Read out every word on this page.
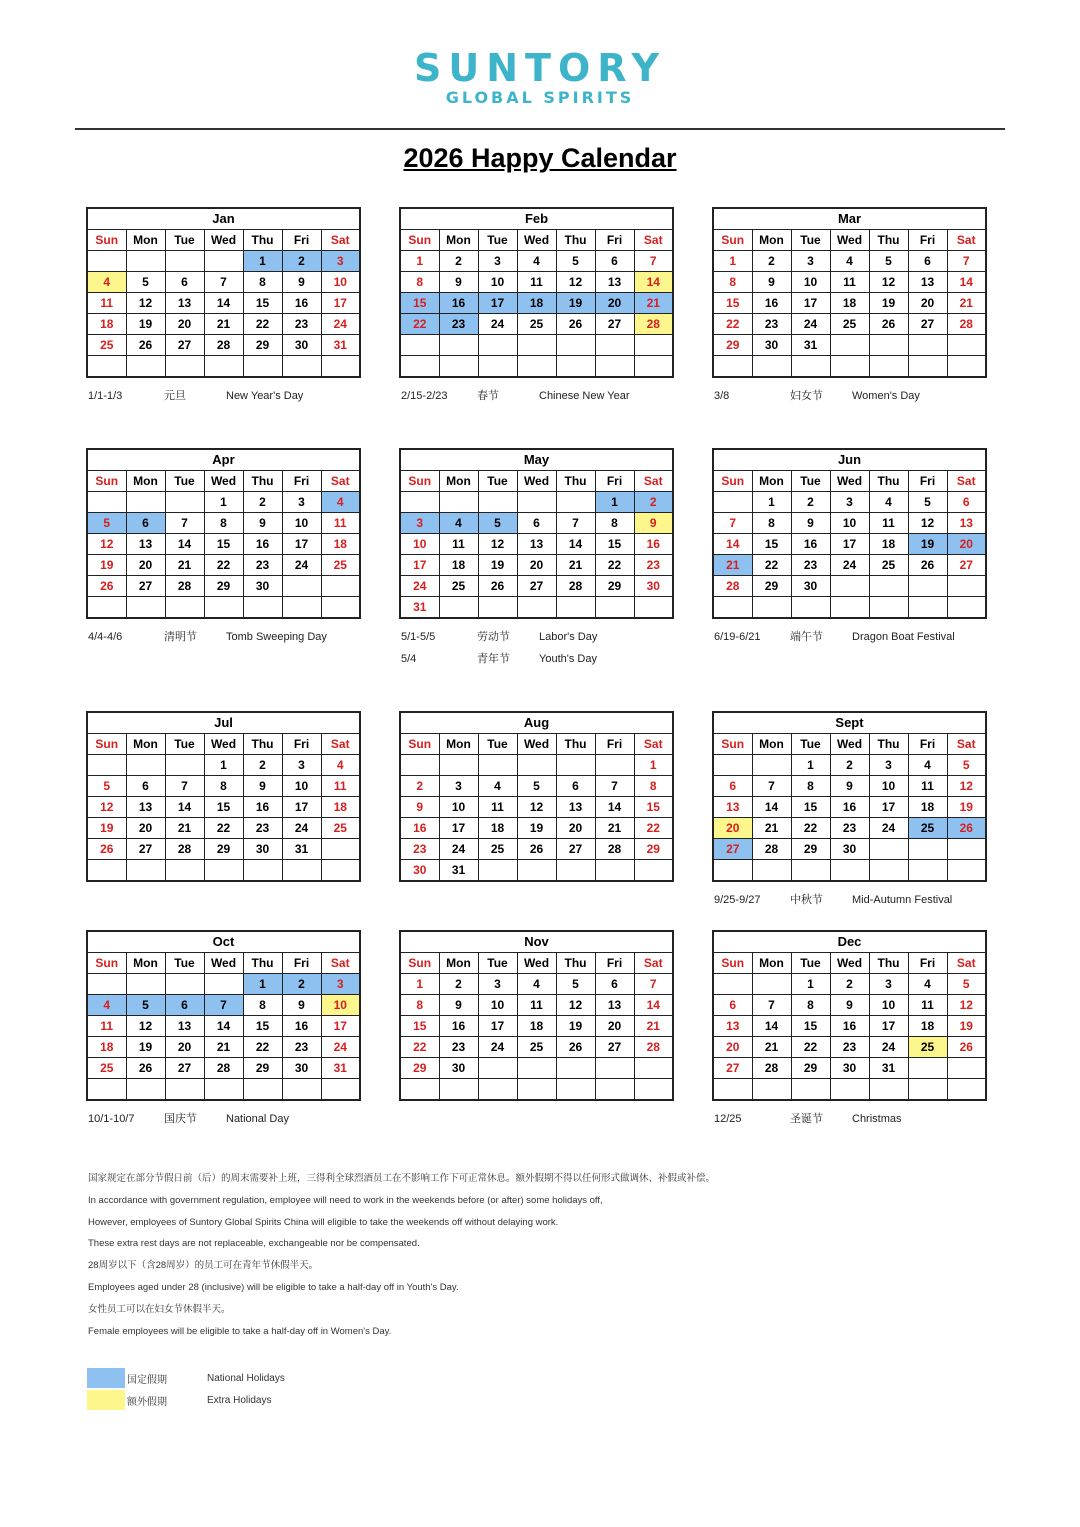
SUNTORY
GLOBAL SPIRITS
2026 Happy Calendar
Jan						
Sun	Mon	Tue	Wed	Thu	Fri	Sat
				1	2	3
4	5	6	7	8	9	10
11	12	13	14	15	16	17
18	19	20	21	22	23	24
25	26	27	28	29	30	31

1/1-1/3	元旦	New Year's Day
Feb						
Sun	Mon	Tue	Wed	Thu	Fri	Sat
1	2	3	4	5	6	7
8	9	10	11	12	13	14
15	16	17	18	19	20	21
22	23	24	25	26	27	28

2/15-2/23	春节	Chinese New Year
Mar						
Sun	Mon	Tue	Wed	Thu	Fri	Sat
1	2	3	4	5	6	7
8	9	10	11	12	13	14
15	16	17	18	19	20	21
22	23	24	25	26	27	28
29	30	31				

3/8	妇女节	Women's Day
Apr						
Sun	Mon	Tue	Wed	Thu	Fri	Sat
			1	2	3	4
5	6	7	8	9	10	11
12	13	14	15	16	17	18
19	20	21	22	23	24	25
26	27	28	29	30		

4/4-4/6	清明节	Tomb Sweeping Day
May						
Sun	Mon	Tue	Wed	Thu	Fri	Sat
					1	2
3	4	5	6	7	8	9
10	11	12	13	14	15	16
17	18	19	20	21	22	23
24	25	26	27	28	29	30
31						
5/1-5/5	劳动节	Labor's Day
5/4	青年节	Youth's Day
Jun						
Sun	Mon	Tue	Wed	Thu	Fri	Sat
	1	2	3	4	5	6
7	8	9	10	11	12	13
14	15	16	17	18	19	20
21	22	23	24	25	26	27
28	29	30				

6/19-6/21	端午节	Dragon Boat Festival
Jul						
Sun	Mon	Tue	Wed	Thu	Fri	Sat
			1	2	3	4
5	6	7	8	9	10	11
12	13	14	15	16	17	18
19	20	21	22	23	24	25
26	27	28	29	30	31	

Aug						
Sun	Mon	Tue	Wed	Thu	Fri	Sat
						1
2	3	4	5	6	7	8
9	10	11	12	13	14	15
16	17	18	19	20	21	22
23	24	25	26	27	28	29
30	31					
Sept						
Sun	Mon	Tue	Wed	Thu	Fri	Sat
		1	2	3	4	5
6	7	8	9	10	11	12
13	14	15	16	17	18	19
20	21	22	23	24	25	26
27	28	29	30			

9/25-9/27	中秋节	Mid-Autumn Festival
Oct						
Sun	Mon	Tue	Wed	Thu	Fri	Sat
				1	2	3
4	5	6	7	8	9	10
11	12	13	14	15	16	17
18	19	20	21	22	23	24
25	26	27	28	29	30	31

10/1-10/7	国庆节	National Day
Nov						
Sun	Mon	Tue	Wed	Thu	Fri	Sat
1	2	3	4	5	6	7
8	9	10	11	12	13	14
15	16	17	18	19	20	21
22	23	24	25	26	27	28
29	30					

Dec						
Sun	Mon	Tue	Wed	Thu	Fri	Sat
		1	2	3	4	5
6	7	8	9	10	11	12
13	14	15	16	17	18	19
20	21	22	23	24	25	26
27	28	29	30	31		

12/25	圣诞节	Christmas
国家规定在部分节假日前（后）的周末需要补上班，三得利全球烈酒员工在不影响工作下可正常休息。额外假期不得以任何形式做调休、补假或补偿。
In accordance with government regulation, employee will need to work in the weekends before (or after) some holidays off,
However, employees of Suntory Global Spirits China will eligible to take the weekends off without delaying work.
These extra rest days are not replaceable, exchangeable nor be compensated.
28周岁以下（含28周岁）的员工可在青年节休假半天。
Employees aged under 28 (inclusive) will be eligible to take a half-day off in Youth's Day.
女性员工可以在妇女节休假半天。
Female employees will be eligible to take a half-day off in Women's Day.
国定假期	National Holidays
额外假期	Extra Holidays
